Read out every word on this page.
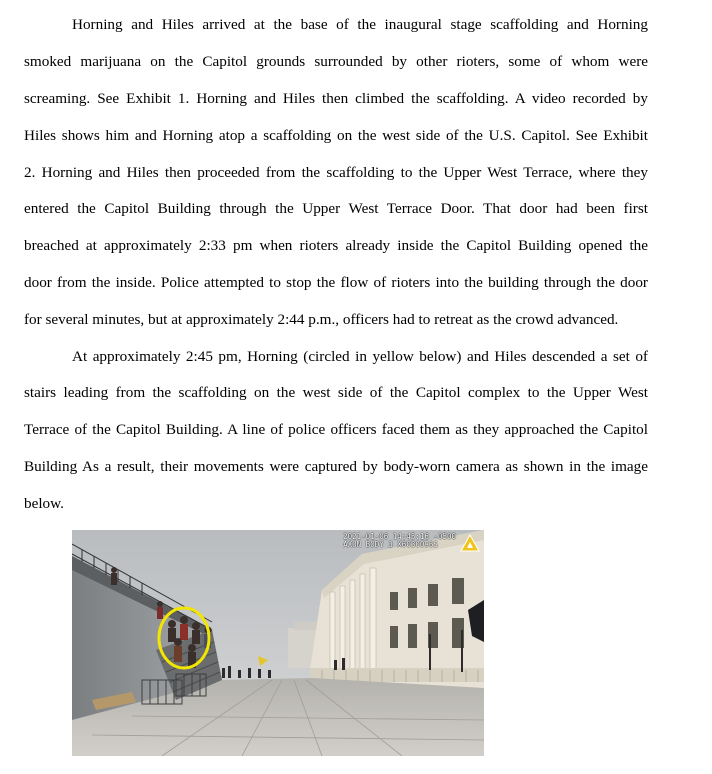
Horning and Hiles arrived at the base of the inaugural stage scaffolding and Horning
smoked marijuana on the Capitol grounds surrounded by other rioters, some of whom were
screaming. See Exhibit 1. Horning and Hiles then climbed the scaffolding. A video recorded by
Hiles shows him and Horning atop a scaffolding on the west side of the U.S. Capitol. See Exhibit
2. Horning and Hiles then proceeded from the scaffolding to the Upper West Terrace, where they
entered the Capitol Building through the Upper West Terrace Door. That door had been first
breached at approximately 2:33 pm when rioters already inside the Capitol Building opened the
door from the inside. Police attempted to stop the flow of rioters into the building through the door
for several minutes, but at approximately 2:44 p.m., officers had to retreat as the crowd advanced.
At approximately 2:45 pm, Horning (circled in yellow below) and Hiles descended a set of
stairs leading from the scaffolding on the west side of the Capitol complex to the Upper West
Terrace of the Capitol Building. A line of police officers faced them as they approached the Capitol
Building As a result, their movements were captured by body-worn camera as shown in the image
below.
2021-01-06 14:45:16 -0500
AXON BODY 3 X6030096S
